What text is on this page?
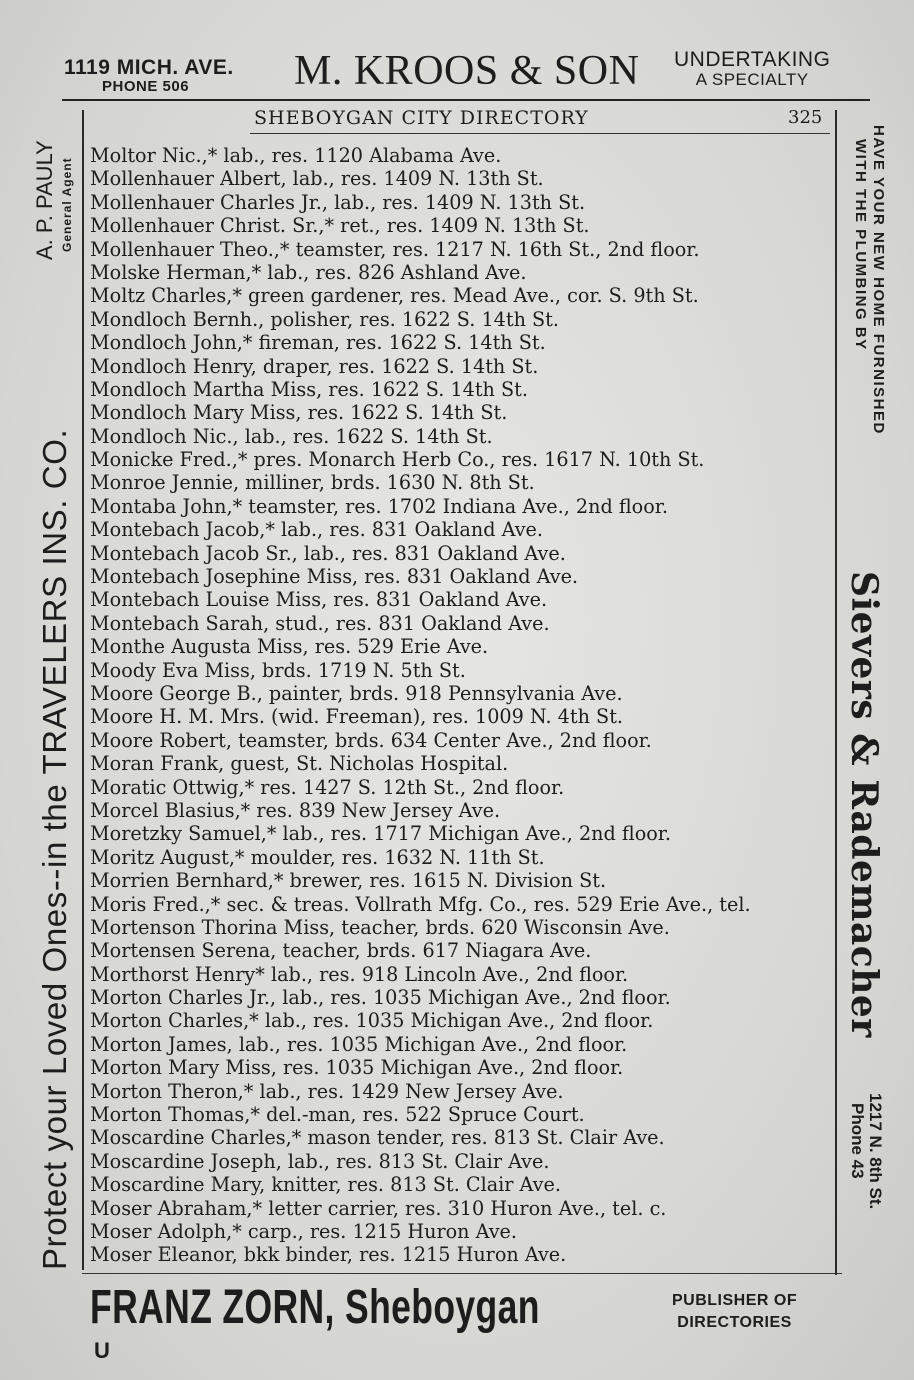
1119 MICH. AVE.
PHONE 506	M. KROOS & SON UNDERTAKING
A SPECIALTY
SHEBOYGAN CITY DIRECTORY	325
Protect your Loved Ones--in the TRAVELERS INS. CO.
A. P. PAULY General Agent	HAVE YOUR NEW HOME FURNISHED
WITH THE PLUMBING BY
Sievers & Rademacher
1217 N. 8th St.
Phone 43
Moltor Nic.,* lab., res. 1120 Alabama Ave.
Mollenhauer Albert, lab., res. 1409 N. 13th St.
Mollenhauer Charles Jr., lab., res. 1409 N. 13th St.
Mollenhauer Christ. Sr.,* ret., res. 1409 N. 13th St.
Mollenhauer Theo.,* teamster, res. 1217 N. 16th St., 2nd floor.
Molske Herman,* lab., res. 826 Ashland Ave.
Moltz Charles,* green gardener, res. Mead Ave., cor. S. 9th St.
Mondloch Bernh., polisher, res. 1622 S. 14th St.
Mondloch John,* fireman, res. 1622 S. 14th St.
Mondloch Henry, draper, res. 1622 S. 14th St.
Mondloch Martha Miss, res. 1622 S. 14th St.
Mondloch Mary Miss, res. 1622 S. 14th St.
Mondloch Nic., lab., res. 1622 S. 14th St.
Monicke Fred.,* pres. Monarch Herb Co., res. 1617 N. 10th St.
Monroe Jennie, milliner, brds. 1630 N. 8th St.
Montaba John,* teamster, res. 1702 Indiana Ave., 2nd floor.
Montebach Jacob,* lab., res. 831 Oakland Ave.
Montebach Jacob Sr., lab., res. 831 Oakland Ave.
Montebach Josephine Miss, res. 831 Oakland Ave.
Montebach Louise Miss, res. 831 Oakland Ave.
Montebach Sarah, stud., res. 831 Oakland Ave.
Monthe Augusta Miss, res. 529 Erie Ave.
Moody Eva Miss, brds. 1719 N. 5th St.
Moore George B., painter, brds. 918 Pennsylvania Ave.
Moore H. M. Mrs. (wid. Freeman), res. 1009 N. 4th St.
Moore Robert, teamster, brds. 634 Center Ave., 2nd floor.
Moran Frank, guest, St. Nicholas Hospital.
Moratic Ottwig,* res. 1427 S. 12th St., 2nd floor.
Morcel Blasius,* res. 839 New Jersey Ave.
Moretzky Samuel,* lab., res. 1717 Michigan Ave., 2nd floor.
Moritz August,* moulder, res. 1632 N. 11th St.
Morrien Bernhard,* brewer, res. 1615 N. Division St.
Moris Fred.,* sec. & treas. Vollrath Mfg. Co., res. 529 Erie Ave., tel.
Mortenson Thorina Miss, teacher, brds. 620 Wisconsin Ave.
Mortensen Serena, teacher, brds. 617 Niagara Ave.
Morthorst Henry* lab., res. 918 Lincoln Ave., 2nd floor.
Morton Charles Jr., lab., res. 1035 Michigan Ave., 2nd floor.
Morton Charles,* lab., res. 1035 Michigan Ave., 2nd floor.
Morton James, lab., res. 1035 Michigan Ave., 2nd floor.
Morton Mary Miss, res. 1035 Michigan Ave., 2nd floor.
Morton Theron,* lab., res. 1429 New Jersey Ave.
Morton Thomas,* del.-man, res. 522 Spruce Court.
Moscardine Charles,* mason tender, res. 813 St. Clair Ave.
Moscardine Joseph, lab., res. 813 St. Clair Ave.
Moscardine Mary, knitter, res. 813 St. Clair Ave.
Moser Abraham,* letter carrier, res. 310 Huron Ave., tel. c.
Moser Adolph,* carp., res. 1215 Huron Ave.
Moser Eleanor, bkk binder, res. 1215 Huron Ave.
FRANZ ZORN, Sheboygan	PUBLISHER OF
DIRECTORIES
U
